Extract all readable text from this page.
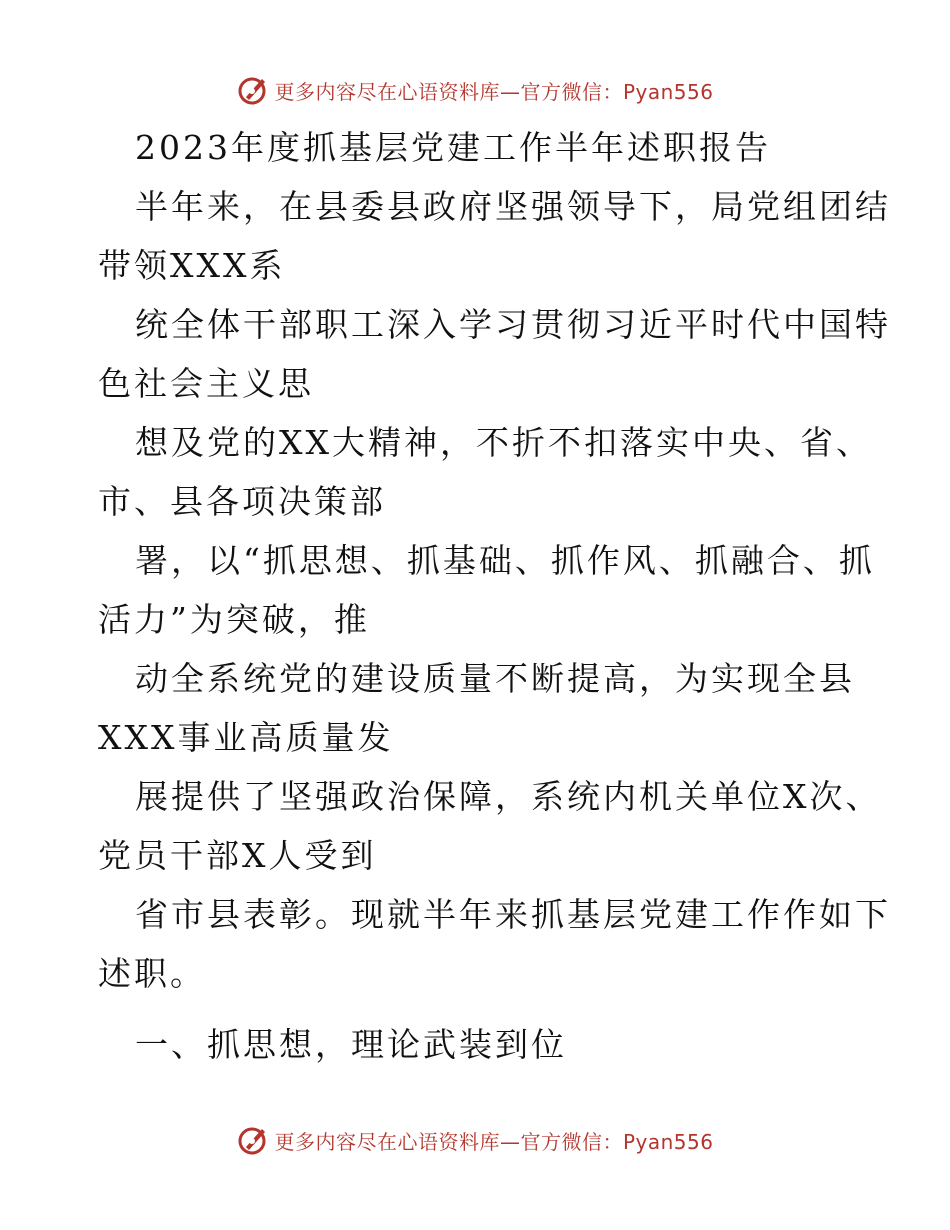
更多内容尽在心语资料库—官方微信：Pyan556
2023年度抓基层党建工作半年述职报告
半年来，在县委县政府坚强领导下，局党组团结
带领XXX系
统全体干部职工深入学习贯彻习近平时代中国特
色社会主义思
想及党的XX大精神，不折不扣落实中央、省、
市、县各项决策部
署，以“抓思想、抓基础、抓作风、抓融合、抓
活力”为突破，推
动全系统党的建设质量不断提高，为实现全县
XXX事业高质量发
展提供了坚强政治保障，系统内机关单位X次、
党员干部X人受到
省市县表彰。现就半年来抓基层党建工作作如下
述职。
一、抓思想，理论武装到位
更多内容尽在心语资料库—官方微信：Pyan556
